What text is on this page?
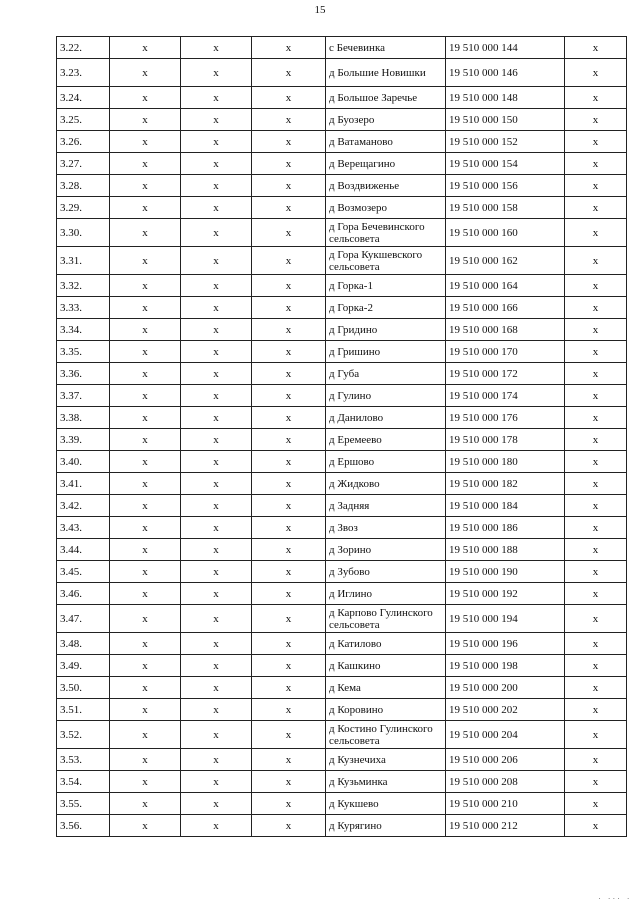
15
3.22.	x	x	x	с Бечевинка	19 510 000 144	x
3.23.	x	x	x	д Большие Новишки	19 510 000 146	x
3.24.	x	x	x	д Большое Заречье	19 510 000 148	x
3.25.	x	x	x	д Буозеро	19 510 000 150	x
3.26.	x	x	x	д Ватаманово	19 510 000 152	x
3.27.	x	x	x	д Верещагино	19 510 000 154	x
3.28.	x	x	x	д Воздвиженье	19 510 000 156	x
3.29.	x	x	x	д Возмозеро	19 510 000 158	x
3.30.	x	x	x	д Гора Бечевинского сельсовета	19 510 000 160	x
3.31.	x	x	x	д Гора Кукшевского сельсовета	19 510 000 162	x
3.32.	x	x	x	д Горка-1	19 510 000 164	x
3.33.	x	x	x	д Горка-2	19 510 000 166	x
3.34.	x	x	x	д Гридино	19 510 000 168	x
3.35.	x	x	x	д Гришино	19 510 000 170	x
3.36.	x	x	x	д Губа	19 510 000 172	x
3.37.	x	x	x	д Гулино	19 510 000 174	x
3.38.	x	x	x	д Данилово	19 510 000 176	x
3.39.	x	x	x	д Еремеево	19 510 000 178	x
3.40.	x	x	x	д Ершово	19 510 000 180	x
3.41.	x	x	x	д Жидково	19 510 000 182	x
3.42.	x	x	x	д Задняя	19 510 000 184	x
3.43.	x	x	x	д Звоз	19 510 000 186	x
3.44.	x	x	x	д Зорино	19 510 000 188	x
3.45.	x	x	x	д Зубово	19 510 000 190	x
3.46.	x	x	x	д Иглино	19 510 000 192	x
3.47.	x	x	x	д Карпово Гулинского сельсовета	19 510 000 194	x
3.48.	x	x	x	д Катилово	19 510 000 196	x
3.49.	x	x	x	д Кашкино	19 510 000 198	x
3.50.	x	x	x	д Кема	19 510 000 200	x
3.51.	x	x	x	д Коровино	19 510 000 202	x
3.52.	x	x	x	д Костино Гулинского сельсовета	19 510 000 204	x
3.53.	x	x	x	д Кузнечиха	19 510 000 206	x
3.54.	x	x	x	д Кузьминка	19 510 000 208	x
3.55.	x	x	x	д Кукшево	19 510 000 210	x
3.56.	x	x	x	д Курягино	19 510 000 212	x
. ... .
